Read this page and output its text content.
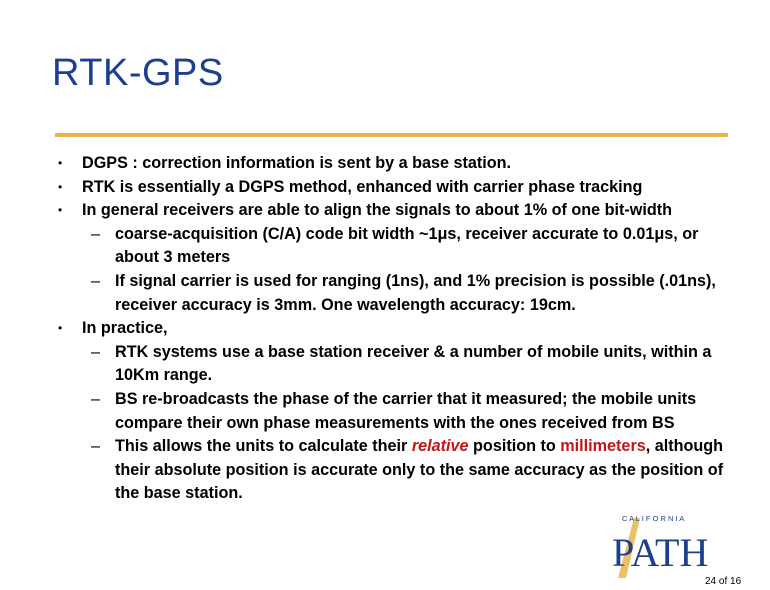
RTK-GPS
•	DGPS : correction information is sent by a base station.
•	RTK is essentially a DGPS method, enhanced with carrier phase tracking
•	In general receivers are able to align the signals to about 1% of one bit-width
– coarse-acquisition (C/A) code bit width ~1μs, receiver accurate to 0.01μs, or about 3 meters
– If signal carrier is used for ranging (1ns), and 1% precision is possible (.01ns), receiver accuracy is 3mm. One wavelength accuracy: 19cm.
•	In practice,
– RTK systems use a base station receiver & a number of mobile units, within a 10Km range.
– BS re-broadcasts the phase of the carrier that it measured; the mobile units compare their own phase measurements with the ones received from BS
– This allows the units to calculate their relative position to millimeters, although their absolute position is accurate only to the same accuracy as the position of the base station.
C A L I F O R N I A
PATH
24 of 16
